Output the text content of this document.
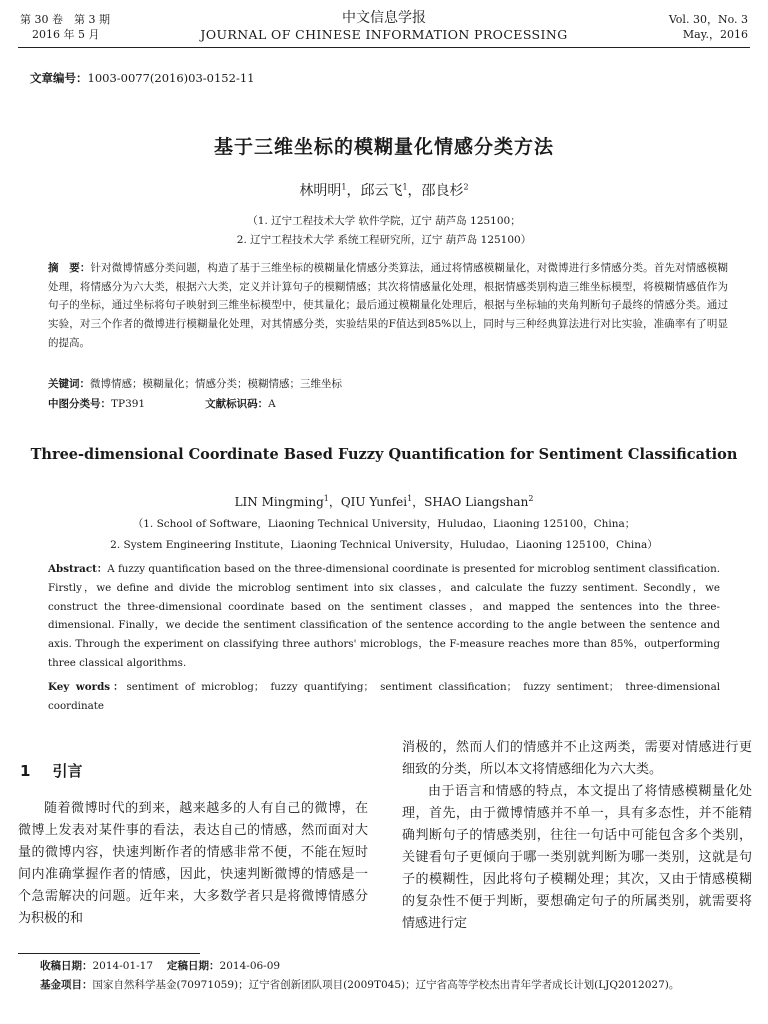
第 30 卷　第 3 期
2016 年 5 月
中文信息学报
JOURNAL OF CHINESE INFORMATION PROCESSING
Vol. 30，No. 3
May.，2016
文章编号：1003-0077(2016)03-0152-11
基于三维坐标的模糊量化情感分类方法
林明明$^1$，邱云飞$^1$，邵良杉$^2$
（1. 辽宁工程技术大学 软件学院，辽宁 葫芦岛 125100；
2. 辽宁工程技术大学 系统工程研究所，辽宁 葫芦岛 125100）
摘　要：针对微博情感分类问题，构造了基于三维坐标的模糊量化情感分类算法，通过将情感模糊量化，对微博进行多情感分类。首先对情感模糊处理，将情感分为六大类，根据六大类，定义并计算句子的模糊情感；其次将情感量化处理，根据情感类别构造三维坐标模型，将模糊情感值作为句子的坐标，通过坐标将句子映射到三维坐标模型中，使其量化；最后通过模糊量化处理后，根据与坐标轴的夹角判断句子最终的情感分类。通过实验，对三个作者的微博进行模糊量化处理，对其情感分类，实验结果的F值达到85%以上，同时与三种经典算法进行对比实验，准确率有了明显的提高。
关键词：微博情感；模糊量化；情感分类；模糊情感；三维坐标
中图分类号：TP391	文献标识码：A
Three-dimensional Coordinate Based Fuzzy Quantification for Sentiment Classification
LIN Mingming$^1$，QIU Yunfei$^1$，SHAO Liangshan$^2$
（1. School of Software，Liaoning Technical University，Huludao，Liaoning 125100，China；
2. System Engineering Institute，Liaoning Technical University，Huludao，Liaoning 125100，China）
Abstract：A fuzzy quantification based on the three-dimensional coordinate is presented for microblog sentiment classification. Firstly，we define and divide the microblog sentiment into six classes，and calculate the fuzzy sentiment. Secondly，we construct the three-dimensional coordinate based on the sentiment classes，and mapped the sentences into the three-dimensional. Finally，we decide the sentiment classification of the sentence according to the angle between the sentence and axis. Through the experiment on classifying three authors' microblogs，the F-measure reaches more than 85%，outperforming three classical algorithms.
Key words：sentiment of microblog； fuzzy quantifying； sentiment classification； fuzzy sentiment； three-dimensional coordinate
1 引言

随着微博时代的到来，越来越多的人有自己的微博，在微博上发表对某件事的看法，表达自己的情感，然而面对大量的微博内容，快速判断作者的情感非常不便，不能在短时间内准确掌握作者的情感，因此，快速判断微博的情感是一个急需解决的问题。近年来，大多数学者只是将微博情感分为积极的和

消极的，然而人们的情感并不止这两类，需要对情感进行更细致的分类，所以本文将情感细化为六大类。

由于语言和情感的特点，本文提出了将情感模糊量化处理，首先，由于微博情感并不单一，具有多态性，并不能精确判断句子的情感类别，往往一句话中可能包含多个类别，关键看句子更倾向于哪一类别就判断为哪一类别，这就是句子的模糊性，因此将句子模糊处理；其次，又由于情感模糊的复杂性不便于判断，要想确定句子的所属类别，就需要将情感进行定

收稿日期：2014-01-17 定稿日期：2014-06-09
基金项目：国家自然科学基金(70971059)；辽宁省创新团队项目(2009T045)；辽宁省高等学校杰出青年学者成长计划(LJQ2012027)。
